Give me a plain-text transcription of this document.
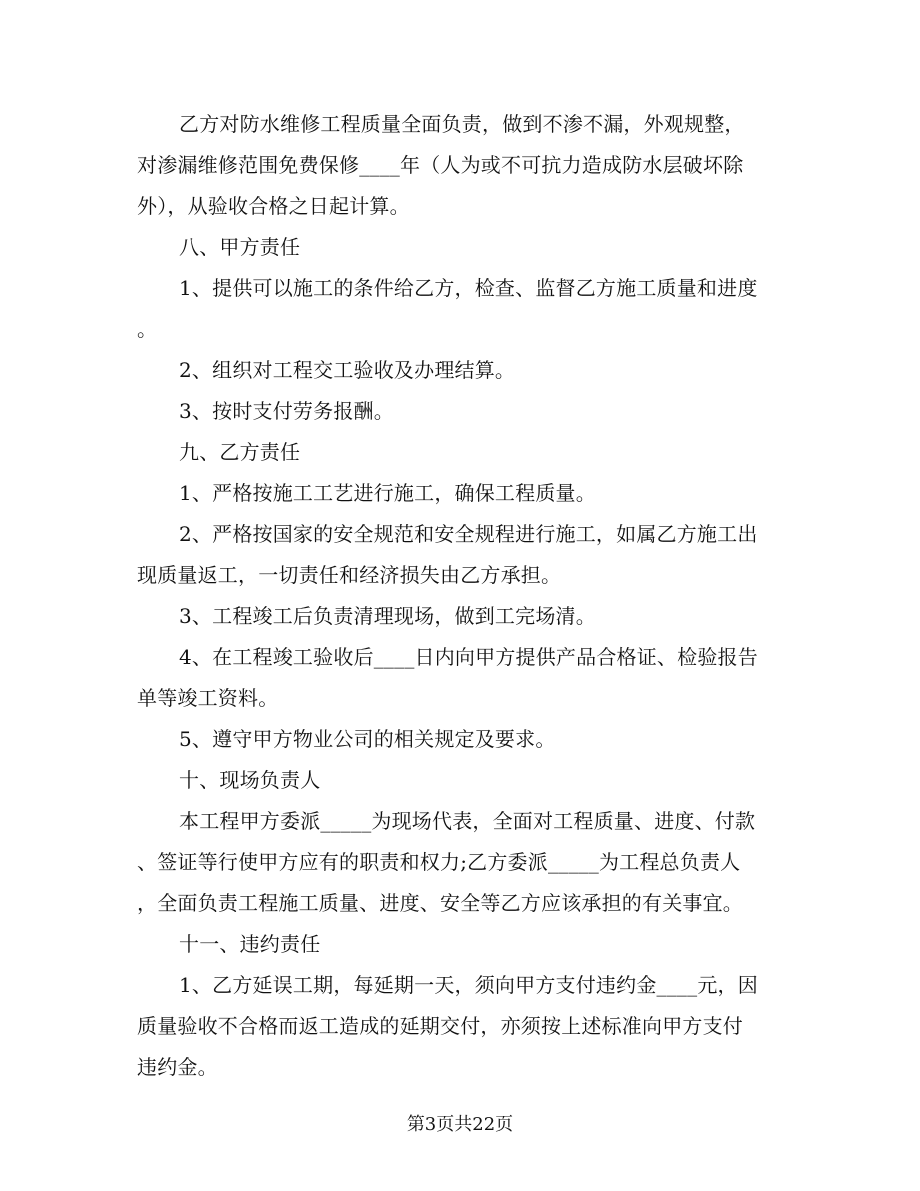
乙方对防水维修工程质量全面负责，做到不渗不漏，外观规整，
对渗漏维修范围免费保修____年（人为或不可抗力造成防水层破坏除
外），从验收合格之日起计算。
八、甲方责任
1、提供可以施工的条件给乙方，检查、监督乙方施工质量和进度
。
2、组织对工程交工验收及办理结算。
3、按时支付劳务报酬。
九、乙方责任
1、严格按施工工艺进行施工，确保工程质量。
2、严格按国家的安全规范和安全规程进行施工，如属乙方施工出
现质量返工，一切责任和经济损失由乙方承担。
3、工程竣工后负责清理现场，做到工完场清。
4、在工程竣工验收后____日内向甲方提供产品合格证、检验报告
单等竣工资料。
5、遵守甲方物业公司的相关规定及要求。
十、现场负责人
本工程甲方委派_____为现场代表，全面对工程质量、进度、付款
、签证等行使甲方应有的职责和权力;乙方委派_____为工程总负责人
，全面负责工程施工质量、进度、安全等乙方应该承担的有关事宜。
十一、违约责任
1、乙方延误工期，每延期一天，须向甲方支付违约金____元，因
质量验收不合格而返工造成的延期交付，亦须按上述标准向甲方支付
违约金。
第3页共22页
